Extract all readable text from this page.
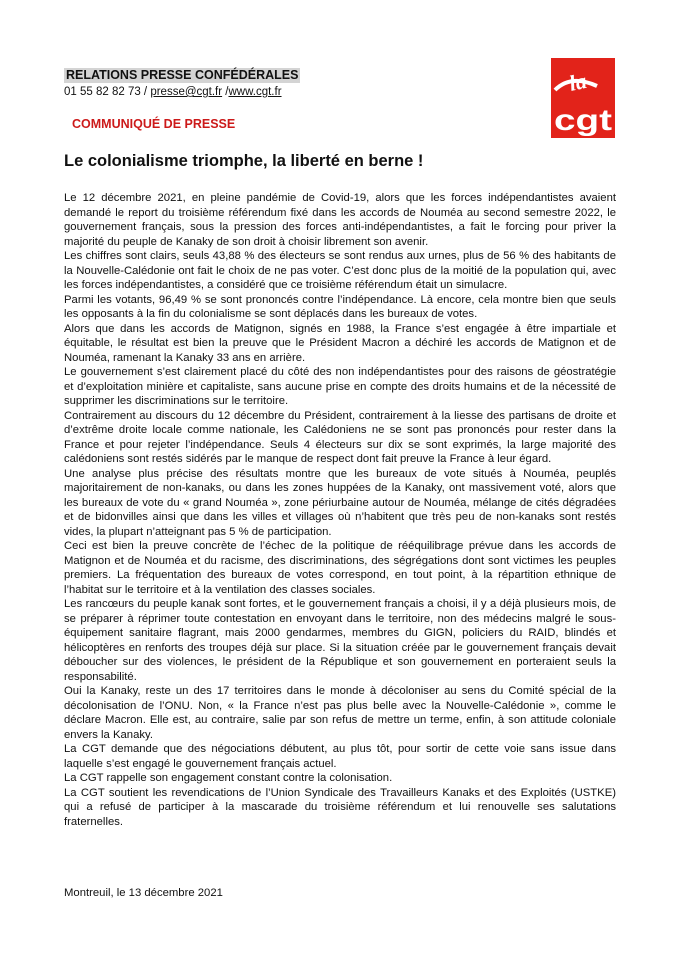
RELATIONS PRESSE CONFÉDÉRALES
01 55 82 82 73 / presse@cgt.fr /www.cgt.fr	la
cgt
COMMUNIQUÉ DE PRESSE
Le colonialisme triomphe, la liberté en berne !

Le 12 décembre 2021, en pleine pandémie de Covid-19, alors que les forces indépendantistes avaient demandé le report du troisième référendum fixé dans les accords de Nouméa au second semestre 2022, le gouvernement français, sous la pression des forces anti-indépendantistes, a fait le forcing pour priver la majorité du peuple de Kanaky de son droit à choisir librement son avenir.

Les chiffres sont clairs, seuls 43,88 % des électeurs se sont rendus aux urnes, plus de 56 % des habitants de la Nouvelle-Calédonie ont fait le choix de ne pas voter. C’est donc plus de la moitié de la population qui, avec les forces indépendantistes, a considéré que ce troisième référendum était un simulacre.

Parmi les votants, 96,49 % se sont prononcés contre l’indépendance. Là encore, cela montre bien que seuls les opposants à la fin du colonialisme se sont déplacés dans les bureaux de votes.

Alors que dans les accords de Matignon, signés en 1988, la France s’est engagée à être impartiale et équitable, le résultat est bien la preuve que le Président Macron a déchiré les accords de Matignon et de Nouméa, ramenant la Kanaky 33 ans en arrière.

Le gouvernement s’est clairement placé du côté des non indépendantistes pour des raisons de géostratégie et d’exploitation minière et capitaliste, sans aucune prise en compte des droits humains et de la nécessité de supprimer les discriminations sur le territoire.

Contrairement au discours du 12 décembre du Président, contrairement à la liesse des partisans de droite et d’extrême droite locale comme nationale, les Calédoniens ne se sont pas prononcés pour rester dans la France et pour rejeter l’indépendance. Seuls 4 électeurs sur dix se sont exprimés, la large majorité des calédoniens sont restés sidérés par le manque de respect dont fait preuve la France à leur égard.

Une analyse plus précise des résultats montre que les bureaux de vote situés à Nouméa, peuplés majoritairement de non-kanaks, ou dans les zones huppées de la Kanaky, ont massivement voté, alors que les bureaux de vote du « grand Nouméa », zone périurbaine autour de Nouméa, mélange de cités dégradées et de bidonvilles ainsi que dans les villes et villages où n’habitent que très peu de non-kanaks sont restés vides, la plupart n’atteignant pas 5 % de participation.

Ceci est bien la preuve concrète de l’échec de la politique de rééquilibrage prévue dans les accords de Matignon et de Nouméa et du racisme, des discriminations, des ségrégations dont sont victimes les peuples premiers. La fréquentation des bureaux de votes correspond, en tout point, à la répartition ethnique de l’habitat sur le territoire et à la ventilation des classes sociales.

Les rancœurs du peuple kanak sont fortes, et le gouvernement français a choisi, il y a déjà plusieurs mois, de se préparer à réprimer toute contestation en envoyant dans le territoire, non des médecins malgré le sous-équipement sanitaire flagrant, mais 2000 gendarmes, membres du GIGN, policiers du RAID, blindés et hélicoptères en renforts des troupes déjà sur place. Si la situation créée par le gouvernement français devait déboucher sur des violences, le président de la République et son gouvernement en porteraient seuls la responsabilité.

Oui la Kanaky, reste un des 17 territoires dans le monde à décoloniser au sens du Comité spécial de la décolonisation de l’ONU. Non, « la France n’est pas plus belle avec la Nouvelle-Calédonie », comme le déclare Macron. Elle est, au contraire, salie par son refus de mettre un terme, enfin, à son attitude coloniale envers la Kanaky.

La CGT demande que des négociations débutent, au plus tôt, pour sortir de cette voie sans issue dans laquelle s’est engagé le gouvernement français actuel.

La CGT rappelle son engagement constant contre la colonisation.

La CGT soutient les revendications de l’Union Syndicale des Travailleurs Kanaks et des Exploités (USTKE) qui a refusé de participer à la mascarade du troisième référendum et lui renouvelle ses salutations fraternelles.

Montreuil, le 13 décembre 2021
